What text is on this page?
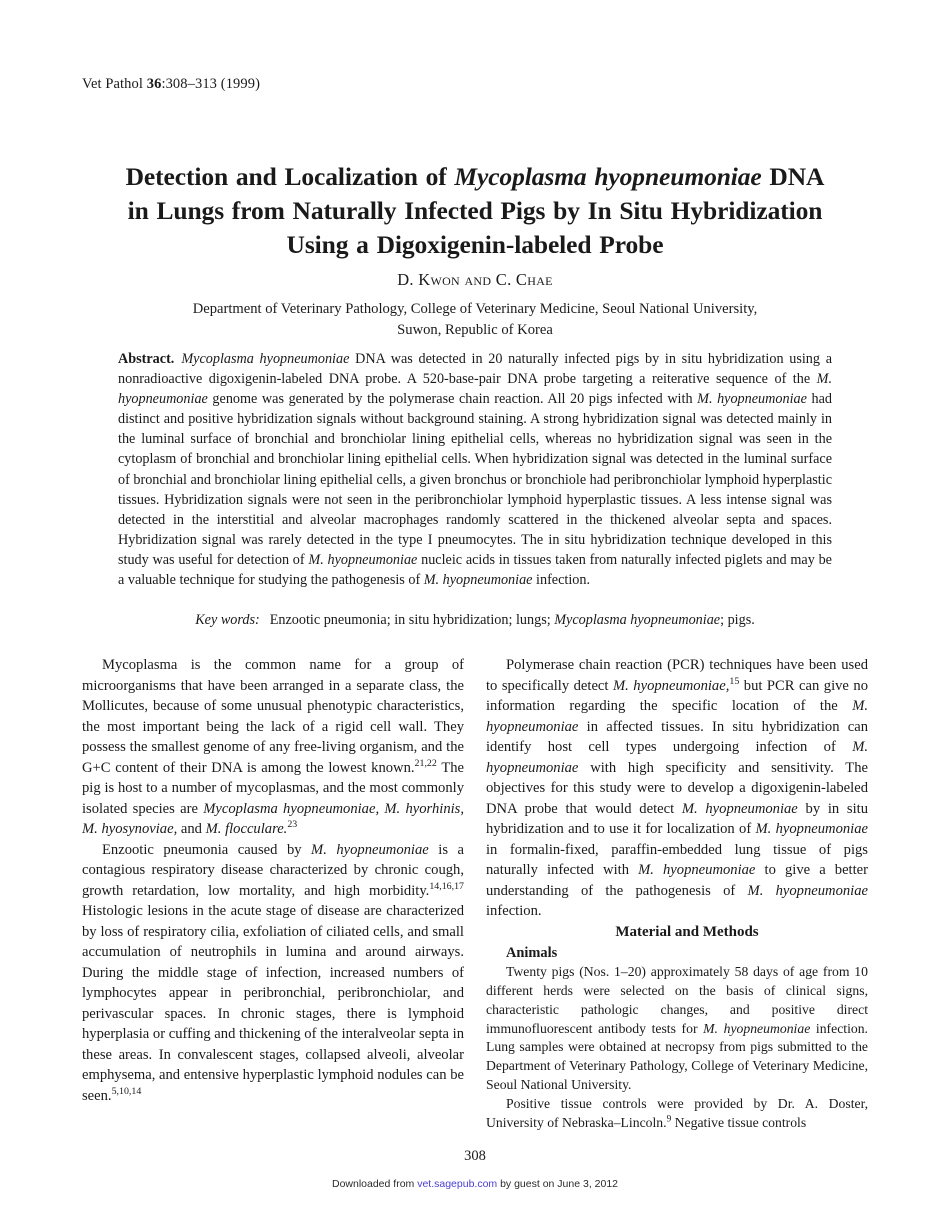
Vet Pathol 36:308–313 (1999)
Detection and Localization of Mycoplasma hyopneumoniae DNA
in Lungs from Naturally Infected Pigs by In Situ Hybridization
Using a Digoxigenin-labeled Probe
D. Kwon and C. Chae
Department of Veterinary Pathology, College of Veterinary Medicine, Seoul National University,
Suwon, Republic of Korea
Abstract. Mycoplasma hyopneumoniae DNA was detected in 20 naturally infected pigs by in situ hybridization using a nonradioactive digoxigenin-labeled DNA probe. A 520-base-pair DNA probe targeting a reiterative sequence of the M. hyopneumoniae genome was generated by the polymerase chain reaction. All 20 pigs infected with M. hyopneumoniae had distinct and positive hybridization signals without background staining. A strong hybridization signal was detected mainly in the luminal surface of bronchial and bronchiolar lining epithelial cells, whereas no hybridization signal was seen in the cytoplasm of bronchial and bronchiolar lining epithelial cells. When hybridization signal was detected in the luminal surface of bronchial and bronchiolar lining epithelial cells, a given bronchus or bronchiole had peribronchiolar lymphoid hyperplastic tissues. Hybridization signals were not seen in the peribronchiolar lymphoid hyperplastic tissues. A less intense signal was detected in the interstitial and alveolar macrophages randomly scattered in the thickened alveolar septa and spaces. Hybridization signal was rarely detected in the type I pneumocytes. The in situ hybridization technique developed in this study was useful for detection of M. hyopneumoniae nucleic acids in tissues taken from naturally infected piglets and may be a valuable technique for studying the pathogenesis of M. hyopneumoniae infection.
Key words: Enzootic pneumonia; in situ hybridization; lungs; Mycoplasma hyopneumoniae; pigs.

Mycoplasma is the common name for a group of microorganisms that have been arranged in a separate class, the Mollicutes, because of some unusual phenotypic characteristics, the most important being the lack of a rigid cell wall. They possess the smallest genome of any free-living organism, and the G+C content of their DNA is among the lowest known.$^{21,22}$ The pig is host to a number of mycoplasmas, and the most commonly isolated species are Mycoplasma hyopneumoniae, M. hyorhinis, M. hyosynoviae, and M. flocculare.$^{23}$

Enzootic pneumonia caused by M. hyopneumoniae is a contagious respiratory disease characterized by chronic cough, growth retardation, low mortality, and high morbidity.$^{14,16,17}$ Histologic lesions in the acute stage of disease are characterized by loss of respiratory cilia, exfoliation of ciliated cells, and small accumulation of neutrophils in lumina and around airways. During the middle stage of infection, increased numbers of lymphocytes appear in peribronchial, peribronchiolar, and perivascular spaces. In chronic stages, there is lymphoid hyperplasia or cuffing and thickening of the interalveolar septa in these areas. In convalescent stages, collapsed alveoli, alveolar emphysema, and entensive hyperplastic lymphoid nodules can be seen.$^{5,10,14}$

Polymerase chain reaction (PCR) techniques have been used to specifically detect M. hyopneumoniae,$^{15}$ but PCR can give no information regarding the specific location of the M. hyopneumoniae in affected tissues. In situ hybridization can identify host cell types undergoing infection of M. hyopneumoniae with high specificity and sensitivity. The objectives for this study were to develop a digoxigenin-labeled DNA probe that would detect M. hyopneumoniae by in situ hybridization and to use it for localization of M. hyopneumoniae in formalin-fixed, paraffin-embedded lung tissue of pigs naturally infected with M. hyopneumoniae to give a better understanding of the pathogenesis of M. hyopneumoniae infection.

Material and Methods

Animals

Twenty pigs (Nos. 1–20) approximately 58 days of age from 10 different herds were selected on the basis of clinical signs, characteristic pathologic changes, and positive direct immunofluorescent antibody tests for M. hyopneumoniae infection. Lung samples were obtained at necropsy from pigs submitted to the Department of Veterinary Pathology, College of Veterinary Medicine, Seoul National University.

Positive tissue controls were provided by Dr. A. Doster, University of Nebraska–Lincoln.$^9$ Negative tissue controls

308
Downloaded from vet.sagepub.com by guest on June 3, 2012
